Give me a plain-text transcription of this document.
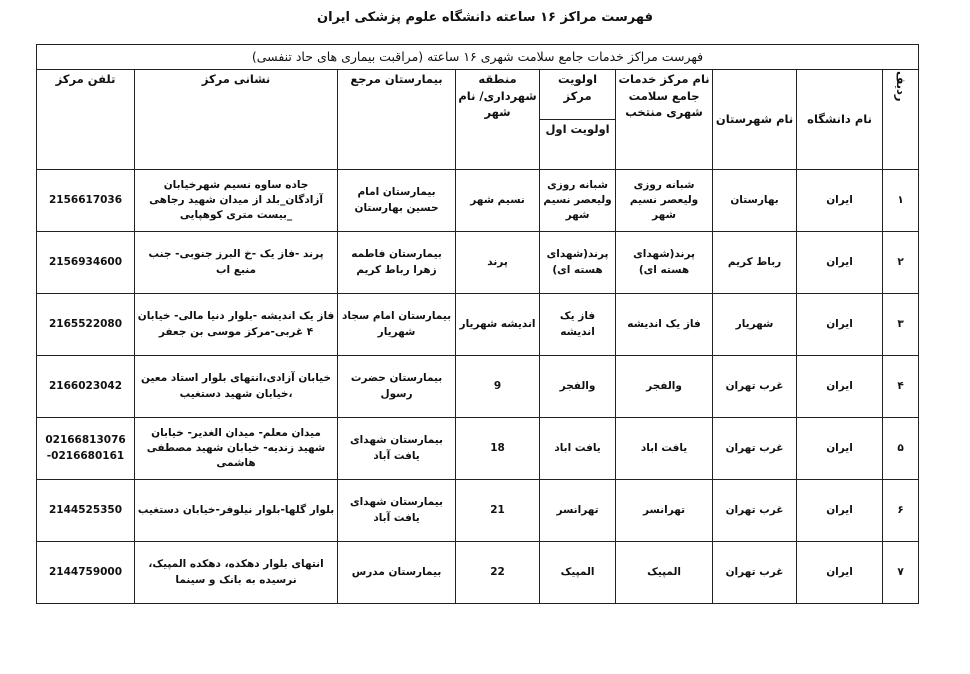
فهرست مراکز ۱۶ ساعته دانشگاه علوم پزشکی ایران
فهرست مراکز خدمات جامع سلامت شهری ۱۶ ساعته (مراقبت بیماری های حاد تنفسی)								
ردیف	نام دانشگاه	نام شهرستان	نام مرکز خدمات جامع سلامت شهری منتخب	اولویت مرکز	منطقه شهرداری/ نام شهر	بیمارستان مرجع	نشانی مرکز	تلفن مرکز
				اولویت اول				
۱	ایران	بهارستان	شبانه روزی ولیعصر نسیم شهر	شبانه روزی ولیعصر نسیم شهر	نسیم شهر	بیمارستان امام حسین بهارستان	جاده ساوه نسیم شهرخیابان آزادگان_بلد از میدان شهید رجاهی _بیست متری کوهپایی	2156617036
۲	ایران	رباط کریم	پرند(شهدای هسته ای)	پرند(شهدای هسته ای)	پرند	بیمارستان فاطمه زهرا رباط کریم	پرند -فاز یک -خ البرز جنوبی- جنب منبع اب	2156934600
۳	ایران	شهریار	فاز یک اندیشه	فاز یک اندیشه	اندیشه شهریار	بیمارستان امام سجاد شهریار	فاز یک اندیشه -بلوار دنیا مالی- خیابان ۴ غربی-مرکز موسی بن جعفر	2165522080
۴	ایران	غرب تهران	والفجر	والفجر	9	بیمارستان حضرت رسول	خیابان آزادی،انتهای بلوار استاد معین ،خیابان شهید دستغیب	2166023042
۵	ایران	غرب تهران	یافت اباد	یافت اباد	18	بیمارستان شهدای یافت آباد	میدان معلم- میدان الغدیر- خیابان شهید زندیه- خیابان شهید مصطفی هاشمی	02166813076 -0216680161
۶	ایران	غرب تهران	تهرانسر	تهرانسر	21	بیمارستان شهدای یافت آباد	بلوار گلها-بلوار نیلوفر-خیابان دستغیب	2144525350
۷	ایران	غرب تهران	المپیک	المپیک	22	بیمارستان مدرس	انتهای بلوار دهکده، دهکده المپیک، نرسیده به بانک و سینما	2144759000
